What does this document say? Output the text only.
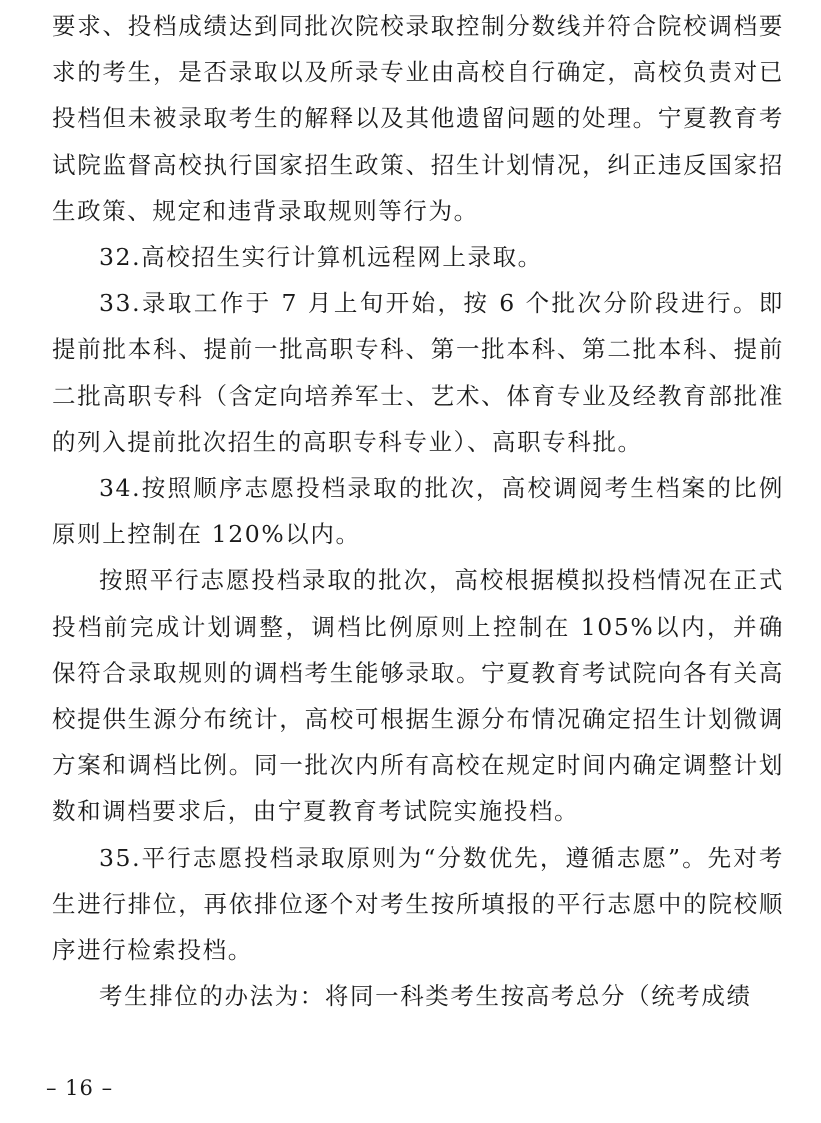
要求、投档成绩达到同批次院校录取控制分数线并符合院校调档要求的考生，是否录取以及所录专业由高校自行确定，高校负责对已投档但未被录取考生的解释以及其他遗留问题的处理。宁夏教育考试院监督高校执行国家招生政策、招生计划情况，纠正违反国家招生政策、规定和违背录取规则等行为。

32.高校招生实行计算机远程网上录取。

33.录取工作于 7 月上旬开始，按 6 个批次分阶段进行。即提前批本科、提前一批高职专科、第一批本科、第二批本科、提前二批高职专科（含定向培养军士、艺术、体育专业及经教育部批准的列入提前批次招生的高职专科专业）、高职专科批。

34.按照顺序志愿投档录取的批次，高校调阅考生档案的比例原则上控制在 120%以内。

按照平行志愿投档录取的批次，高校根据模拟投档情况在正式投档前完成计划调整，调档比例原则上控制在 105%以内，并确保符合录取规则的调档考生能够录取。宁夏教育考试院向各有关高校提供生源分布统计，高校可根据生源分布情况确定招生计划微调方案和调档比例。同一批次内所有高校在规定时间内确定调整计划数和调档要求后，由宁夏教育考试院实施投档。

35.平行志愿投档录取原则为“分数优先，遵循志愿”。先对考生进行排位，再依排位逐个对考生按所填报的平行志愿中的院校顺序进行检索投档。

考生排位的办法为：将同一科类考生按高考总分（统考成绩

– 16 –
